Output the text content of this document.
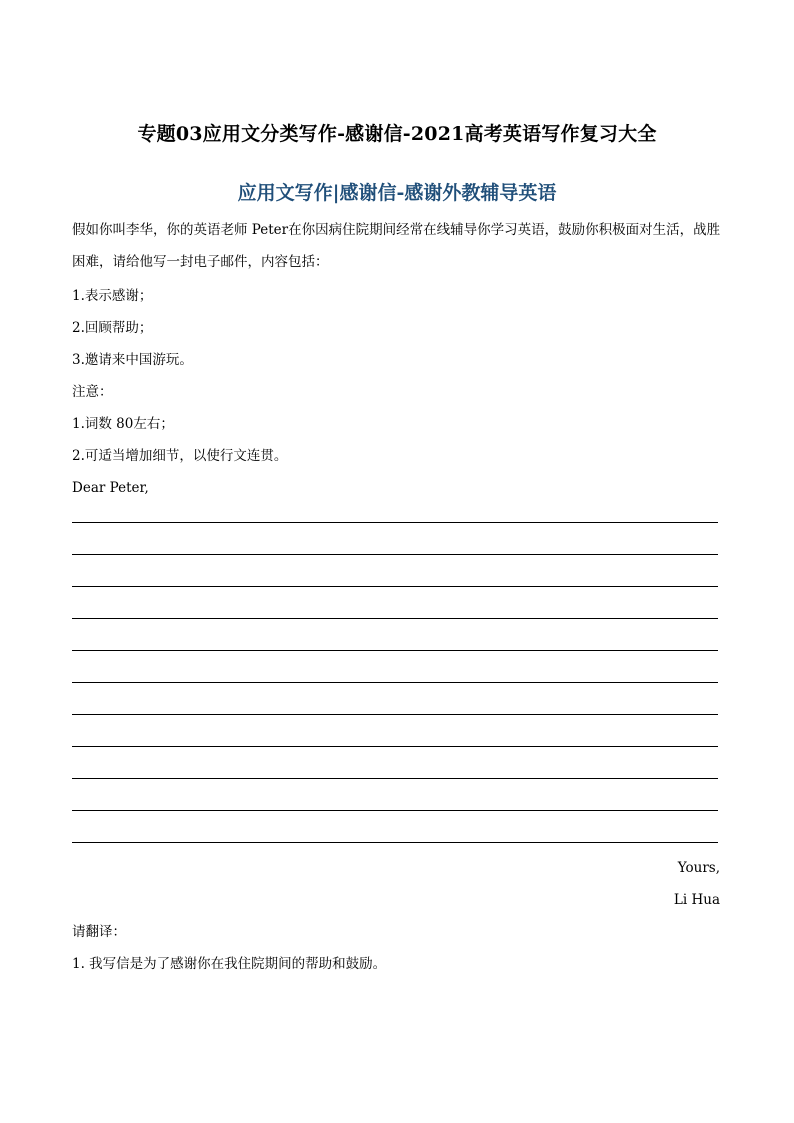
专题03应用文分类写作-感谢信-2021高考英语写作复习大全
应用文写作|感谢信-感谢外教辅导英语
假如你叫李华，你的英语老师 Peter在你因病住院期间经常在线辅导你学习英语，鼓励你积极面对生活，战胜困难，请给他写一封电子邮件，内容包括：
1.表示感谢；
2.回顾帮助；
3.邀请来中国游玩。
注意：
1.词数 80左右；
2.可适当增加细节，以使行文连贯。
Dear Peter,
Yours,
Li Hua
请翻译：
1. 我写信是为了感谢你在我住院期间的帮助和鼓励。
